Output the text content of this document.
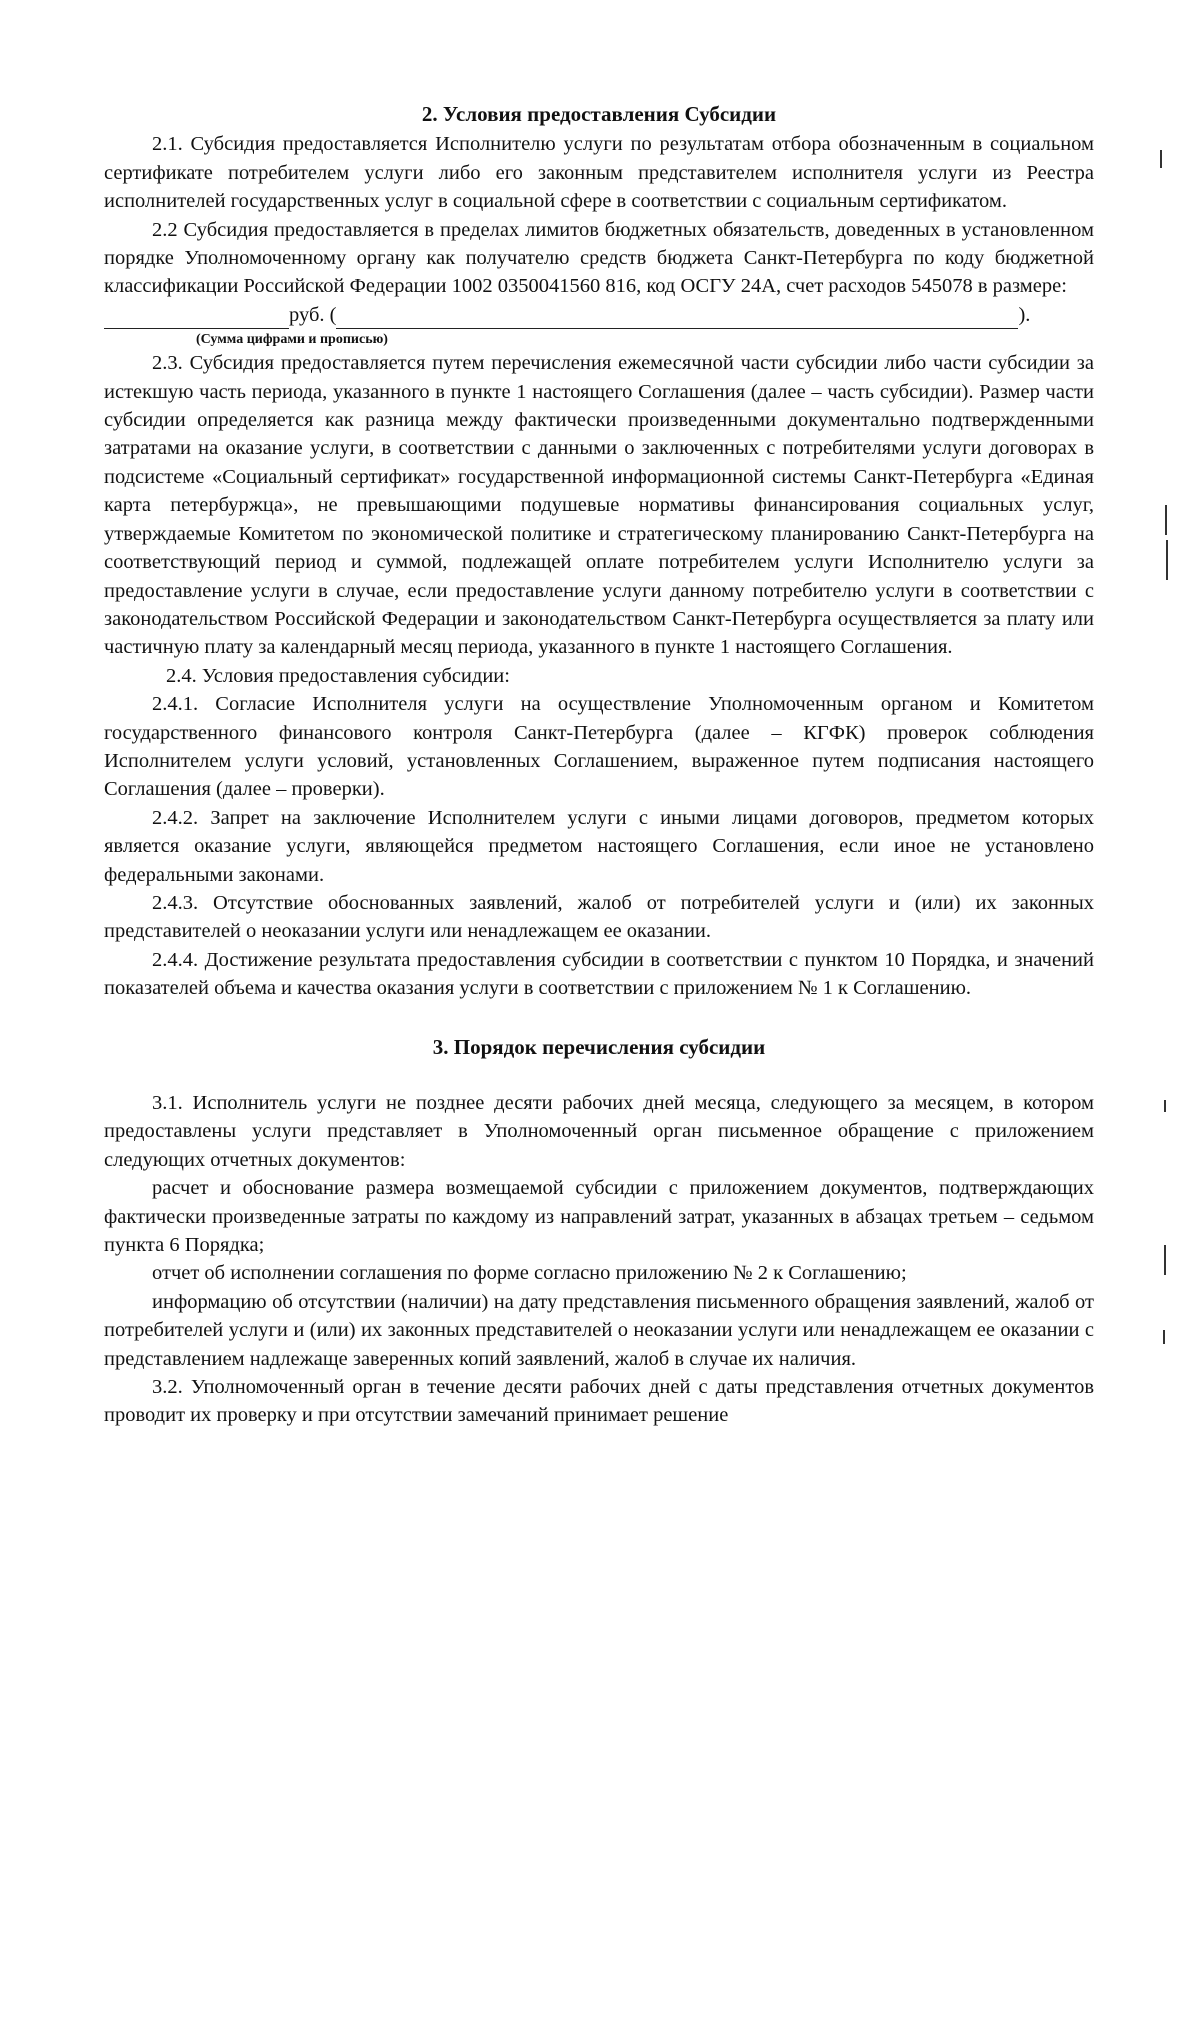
2. Условия предоставления Субсидии

2.1. Субсидия предоставляется Исполнителю услуги по результатам отбора обозначенным в социальном сертификате потребителем услуги либо его законным представителем исполнителя услуги из Реестра исполнителей государственных услуг в социальной сфере в соответствии с социальным сертификатом.

2.2 Субсидия предоставляется в пределах лимитов бюджетных обязательств, доведенных в установленном порядке Уполномоченному органу как получателю средств бюджета Санкт-Петербурга по коду бюджетной классификации Российской Федерации 1002 0350041560 816, код ОСГУ 24А, счет расходов 545078 в размере:

руб. (	).
(Сумма цифрами и прописью)

2.3. Субсидия предоставляется путем перечисления ежемесячной части субсидии либо части субсидии за истекшую часть периода, указанного в пункте 1 настоящего Соглашения (далее – часть субсидии). Размер части субсидии определяется как разница между фактически произведенными документально подтвержденными затратами на оказание услуги, в соответствии с данными о заключенных с потребителями услуги договорах в подсистеме «Социальный сертификат» государственной информационной системы Санкт-Петербурга «Единая карта петербуржца», не превышающими подушевые нормативы финансирования социальных услуг, утверждаемые Комитетом по экономической политике и стратегическому планированию Санкт-Петербурга на соответствующий период и суммой, подлежащей оплате потребителем услуги Исполнителю услуги за предоставление услуги в случае, если предоставление услуги данному потребителю услуги в соответствии с законодательством Российской Федерации и законодательством Санкт-Петербурга осуществляется за плату или частичную плату за календарный месяц периода, указанного в пункте 1 настоящего Соглашения.

2.4. Условия предоставления субсидии:

2.4.1. Согласие Исполнителя услуги на осуществление Уполномоченным органом и Комитетом государственного финансового контроля Санкт-Петербурга (далее – КГФК) проверок соблюдения Исполнителем услуги условий, установленных Соглашением, выраженное путем подписания настоящего Соглашения (далее – проверки).

2.4.2. Запрет на заключение Исполнителем услуги с иными лицами договоров, предметом которых является оказание услуги, являющейся предметом настоящего Соглашения, если иное не установлено федеральными законами.

2.4.3. Отсутствие обоснованных заявлений, жалоб от потребителей услуги и (или) их законных представителей о неоказании услуги или ненадлежащем ее оказании.

2.4.4. Достижение результата предоставления субсидии в соответствии с пунктом 10 Порядка, и значений показателей объема и качества оказания услуги в соответствии с приложением № 1 к Соглашению.

3. Порядок перечисления субсидии

3.1. Исполнитель услуги не позднее десяти рабочих дней месяца, следующего за месяцем, в котором предоставлены услуги представляет в Уполномоченный орган письменное обращение с приложением следующих отчетных документов:

расчет и обоснование размера возмещаемой субсидии с приложением документов, подтверждающих фактически произведенные затраты по каждому из направлений затрат, указанных в абзацах третьем – седьмом пункта 6 Порядка;

отчет об исполнении соглашения по форме согласно приложению № 2 к Соглашению;

информацию об отсутствии (наличии) на дату представления письменного обращения заявлений, жалоб от потребителей услуги и (или) их законных представителей о неоказании услуги или ненадлежащем ее оказании с представлением надлежаще заверенных копий заявлений, жалоб в случае их наличия.

3.2. Уполномоченный орган в течение десяти рабочих дней с даты представления отчетных документов проводит их проверку и при отсутствии замечаний принимает решение
